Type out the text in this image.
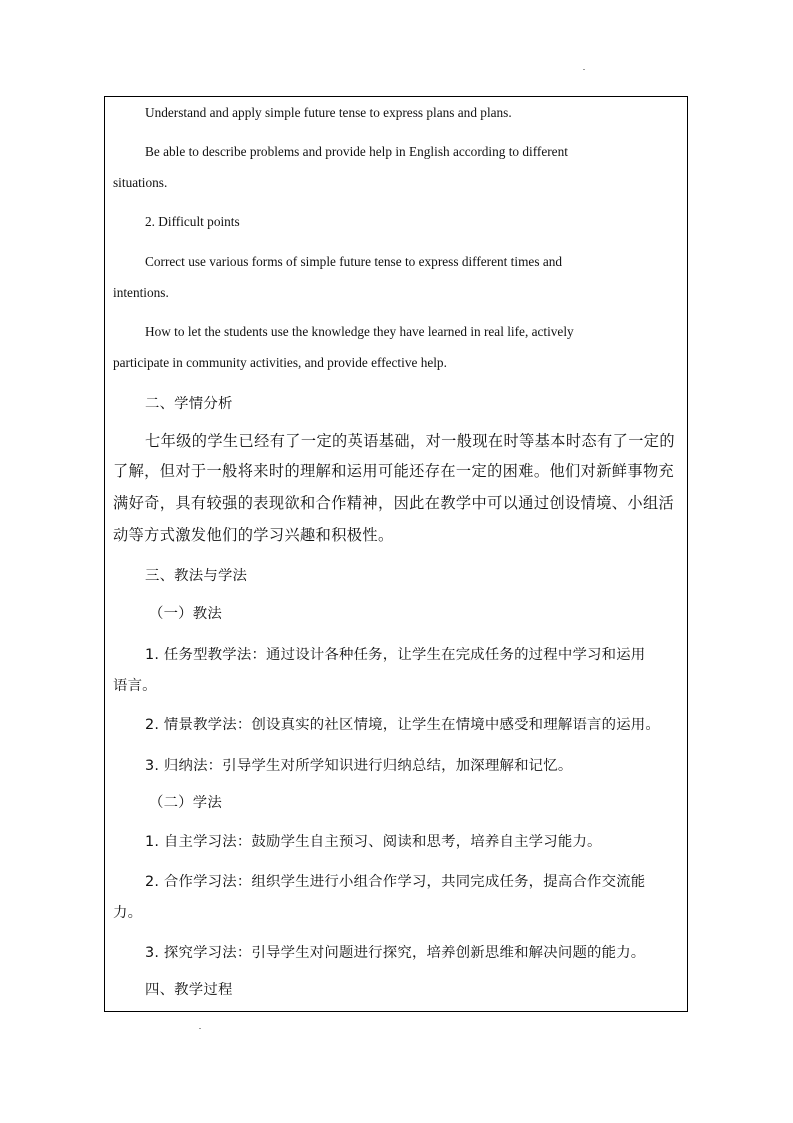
Understand and apply simple future tense to express plans and plans.
Be able to describe problems and provide help in English according to different
situations.
2. Difficult points
Correct use various forms of simple future tense to express different times and
intentions.
How to let the students use the knowledge they have learned in real life, actively
participate in community activities, and provide effective help.
二、学情分析
七年级的学生已经有了一定的英语基础，对一般现在时等基本时态有了一定的
了解，但对于一般将来时的理解和运用可能还存在一定的困难。他们对新鲜事物充
满好奇，具有较强的表现欲和合作精神，因此在教学中可以通过创设情境、小组活
动等方式激发他们的学习兴趣和积极性。
三、教法与学法
（一）教法
1. 任务型教学法：通过设计各种任务，让学生在完成任务的过程中学习和运用
语言。
2. 情景教学法：创设真实的社区情境，让学生在情境中感受和理解语言的运用。
3. 归纳法：引导学生对所学知识进行归纳总结，加深理解和记忆。
（二）学法
1. 自主学习法：鼓励学生自主预习、阅读和思考，培养自主学习能力。
2. 合作学习法：组织学生进行小组合作学习，共同完成任务，提高合作交流能
力。
3. 探究学习法：引导学生对问题进行探究，培养创新思维和解决问题的能力。
四、教学过程
